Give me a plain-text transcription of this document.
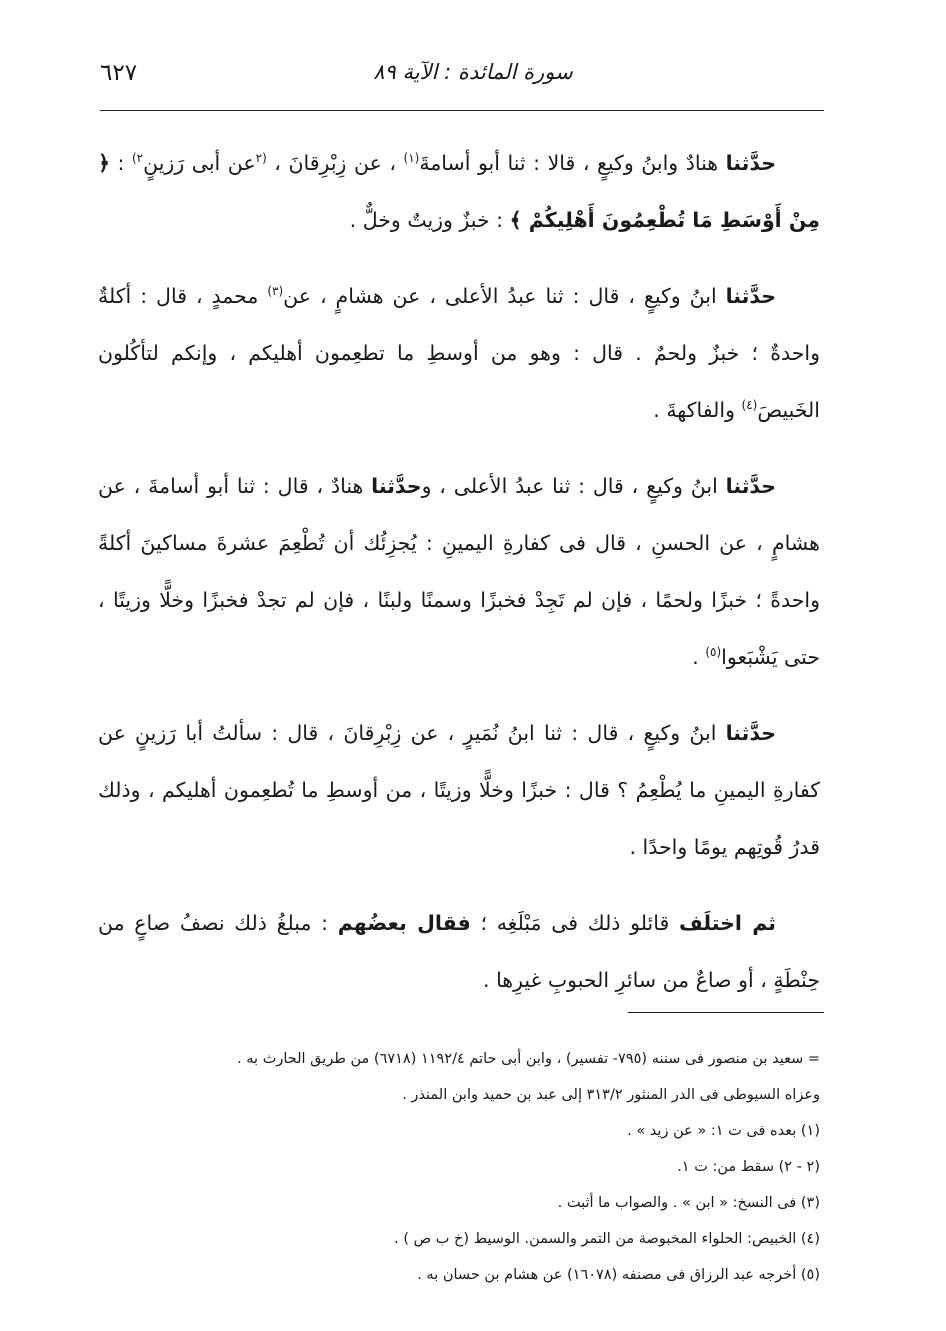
٦٢٧	سورة المائدة : الآية ٨٩

حدَّثنا هنادٌ وابنُ وكيعٍ ، قالا : ثنا أبو أسامةَ$^{(١)}$ ، عن زِبْرِقانَ ، $^{(٢}$عن أبى رَزينٍ$^{٢)}$ : ﴿ مِنْ أَوْسَطِ مَا تُطْعِمُونَ أَهْلِيكُمْ ﴾ : خبزٌ وزيتٌ وخلٌّ .

حدَّثنا ابنُ وكيعٍ ، قال : ثنا عبدُ الأعلى ، عن هشامٍ ، عن$^{(٣)}$ محمدٍ ، قال : أكلةٌ واحدةٌ ؛ خبزٌ ولحمٌ . قال : وهو من أوسطِ ما تطعِمون أهليكم ، وإنكم لتأكُلون الخَبيصَ$^{(٤)}$ والفاكهةَ .

حدَّثنا ابنُ وكيعٍ ، قال : ثنا عبدُ الأعلى ، وحدَّثنا هنادٌ ، قال : ثنا أبو أسامةَ ، عن هشامٍ ، عن الحسنِ ، قال فى كفارةِ اليمينِ : يُجزِئُك أن تُطْعِمَ عشرةَ مساكينَ أكلةً واحدةً ؛ خبزًا ولحمًا ، فإن لم تَجِدْ فخبزًا وسمنًا ولبنًا ، فإن لم تجدْ فخبزًا وخلًّا وزيتًا ، حتى يَشْبَعوا$^{(٥)}$ .

حدَّثنا ابنُ وكيعٍ ، قال : ثنا ابنُ نُمَيرٍ ، عن زِبْرِقانَ ، قال : سألتُ أبا رَزينٍ عن كفارةِ اليمينِ ما يُطْعِمُ ؟ قال : خبزًا وخلًّا وزيتًا ، من أوسطِ ما تُطعِمون أهليكم ، وذلك قدرُ قُوتِهم يومًا واحدًا .

ثم اختلَف قائلو ذلك فى مَبْلَغِه ؛ فقال بعضُهم : مبلغُ ذلك نصفُ صاعٍ من حِنْطَةٍ ، أو صاعٌ من سائرِ الحبوبِ غيرِها .

= سعيد بن منصور فى سننه (٧٩٥- تفسير) ، وابن أبى حاتم ١١٩٢/٤ (٦٧١٨) من طريق الحارث به .
وعزاه السيوطى فى الدر المنثور ٣١٣/٢ إلى عبد بن حميد وابن المنذر .
(١) بعده فى ت ١: « عن زيد » .
(٢ - ٢) سقط من: ت ١.
(٣) فى النسخ: « ابن » . والصواب ما أثبت .
(٤) الخبيص: الحلواء المخبوصة من التمر والسمن. الوسيط (خ ب ص ) .
(٥) أخرجه عبد الرزاق فى مصنفه (١٦٠٧٨) عن هشام بن حسان به .
